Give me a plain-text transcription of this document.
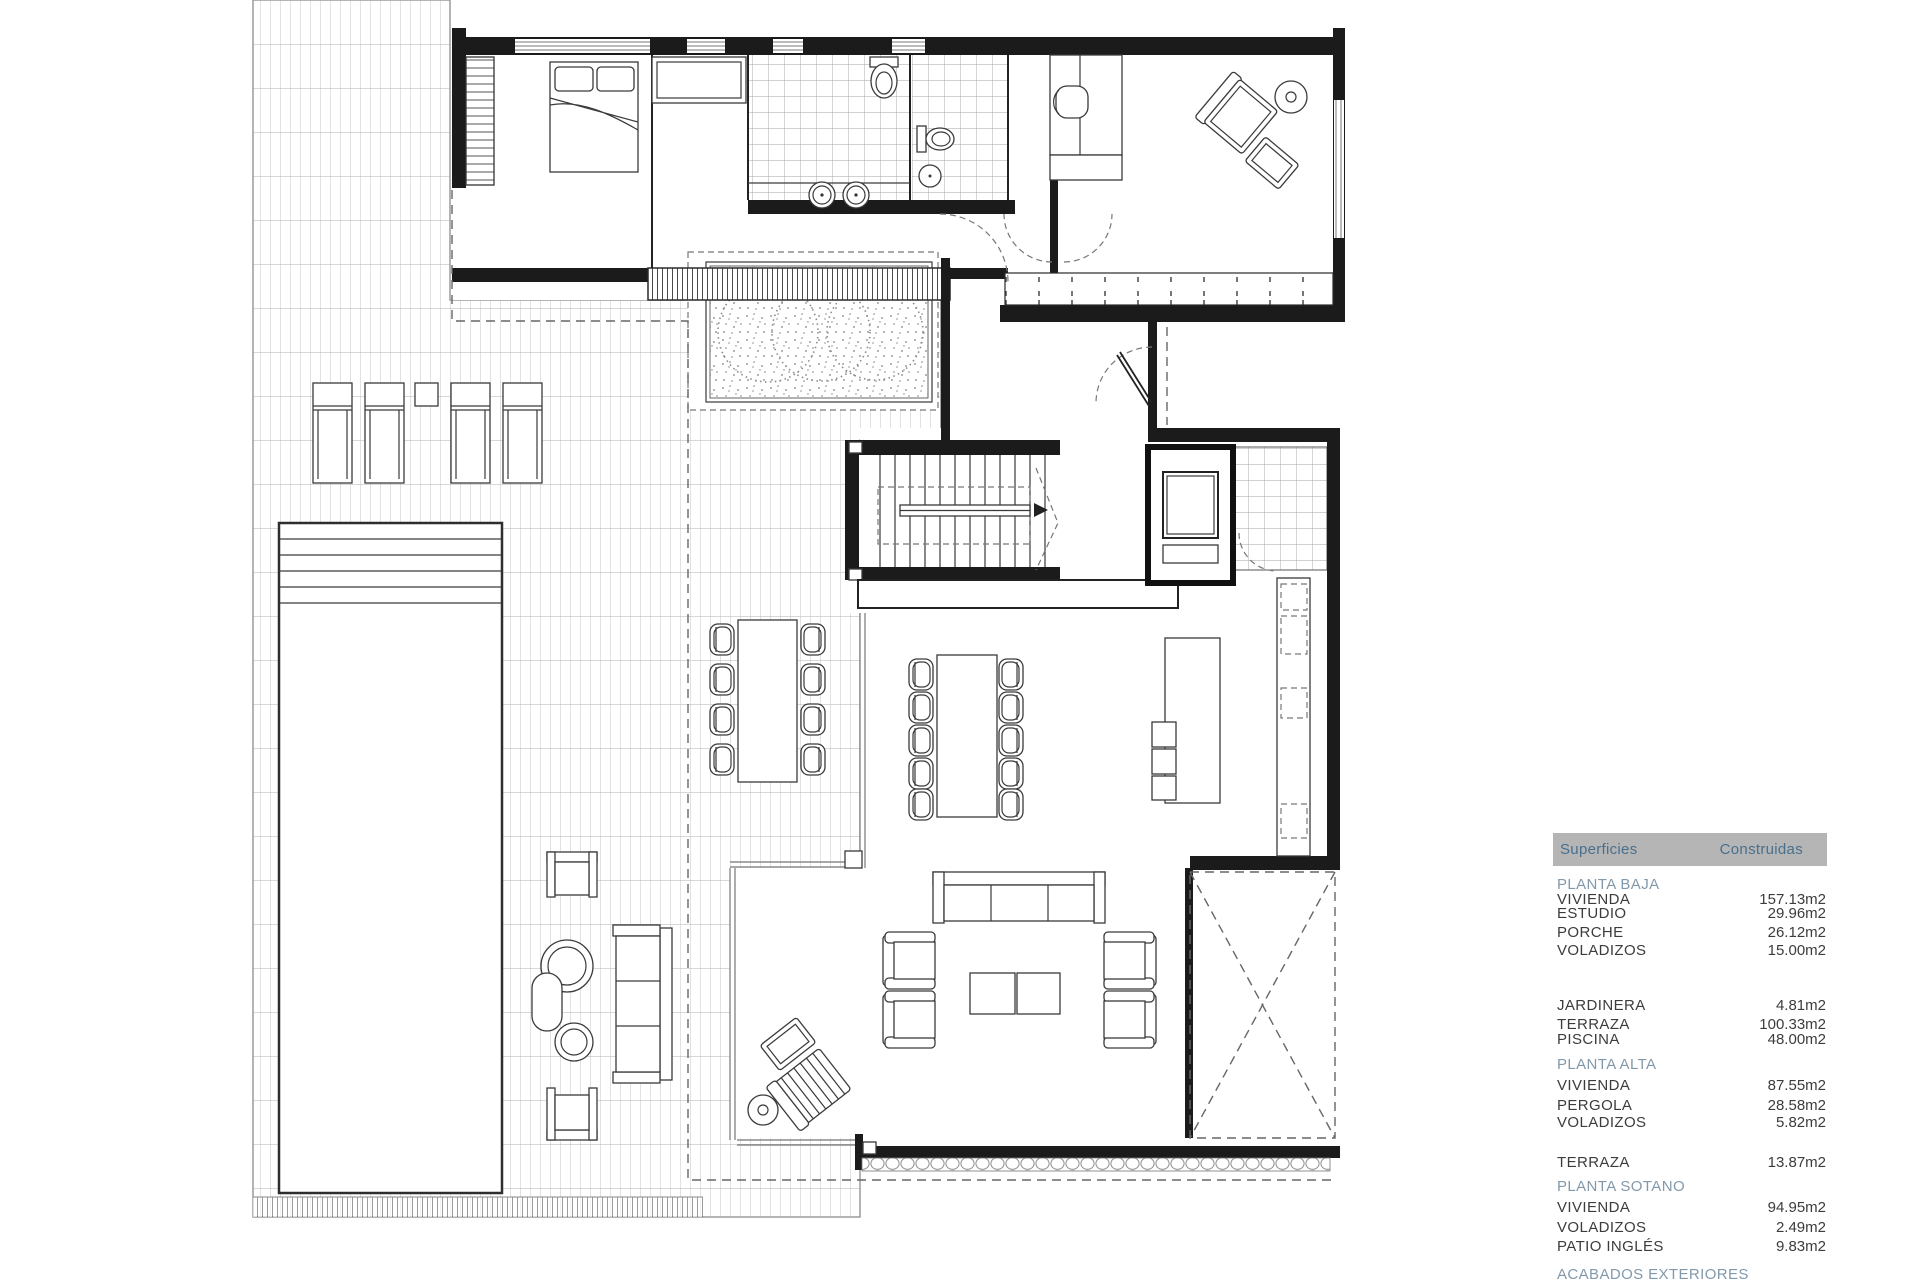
Superficies	Construidas
PLANTA BAJA
VIVIENDA	157.13m2
ESTUDIO	29.96m2
PORCHE	26.12m2
VOLADIZOS	15.00m2
JARDINERA	4.81m2
TERRAZA	100.33m2
PISCINA	48.00m2
PLANTA ALTA
VIVIENDA	87.55m2
PERGOLA	28.58m2
VOLADIZOS	5.82m2
TERRAZA	13.87m2
PLANTA SOTANO
VIVIENDA	94.95m2
VOLADIZOS	2.49m2
PATIO INGLÉS	9.83m2
ACABADOS EXTERIORES
